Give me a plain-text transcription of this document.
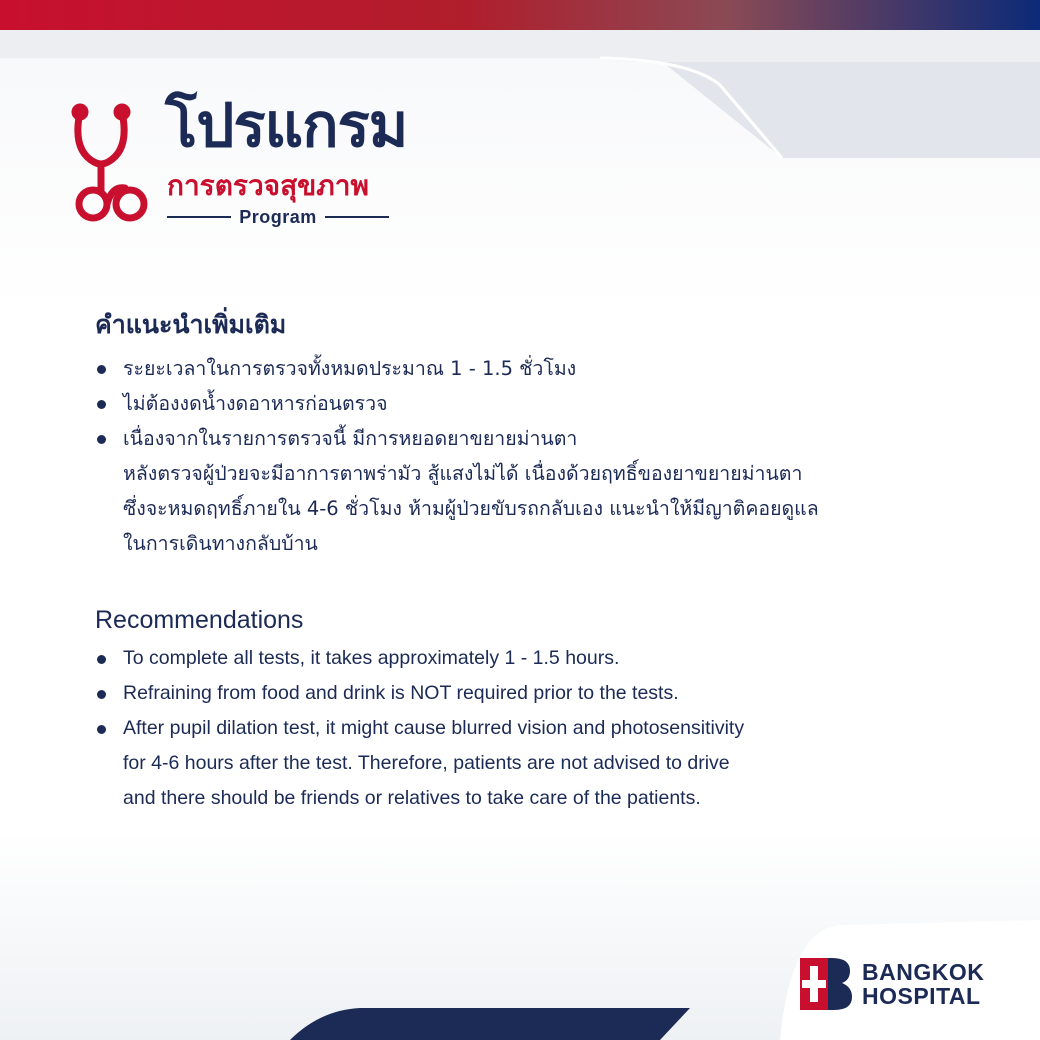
โปรแกรม
การตรวจสุขภาพ
Program
คำแนะนำเพิ่มเติม
ระยะเวลาในการตรวจทั้งหมดประมาณ 1 - 1.5 ชั่วโมง
ไม่ต้องงดน้ำงดอาหารก่อนตรวจ
เนื่องจากในรายการตรวจนี้ มีการหยอดยาขยายม่านตา
หลังตรวจผู้ป่วยจะมีอาการตาพร่ามัว สู้แสงไม่ได้ เนื่องด้วยฤทธิ์ของยาขยายม่านตา
ซึ่งจะหมดฤทธิ์ภายใน 4-6 ชั่วโมง ห้ามผู้ป่วยขับรถกลับเอง แนะนำให้มีญาติคอยดูแล
ในการเดินทางกลับบ้าน
Recommendations
To complete all tests, it takes approximately 1 - 1.5 hours.
Refraining from food and drink is NOT required prior to the tests.
After pupil dilation test, it might cause blurred vision and photosensitivity
for 4-6 hours after the test. Therefore, patients are not advised to drive
and there should be friends or relatives to take care of the patients.
BANGKOK
HOSPITAL
